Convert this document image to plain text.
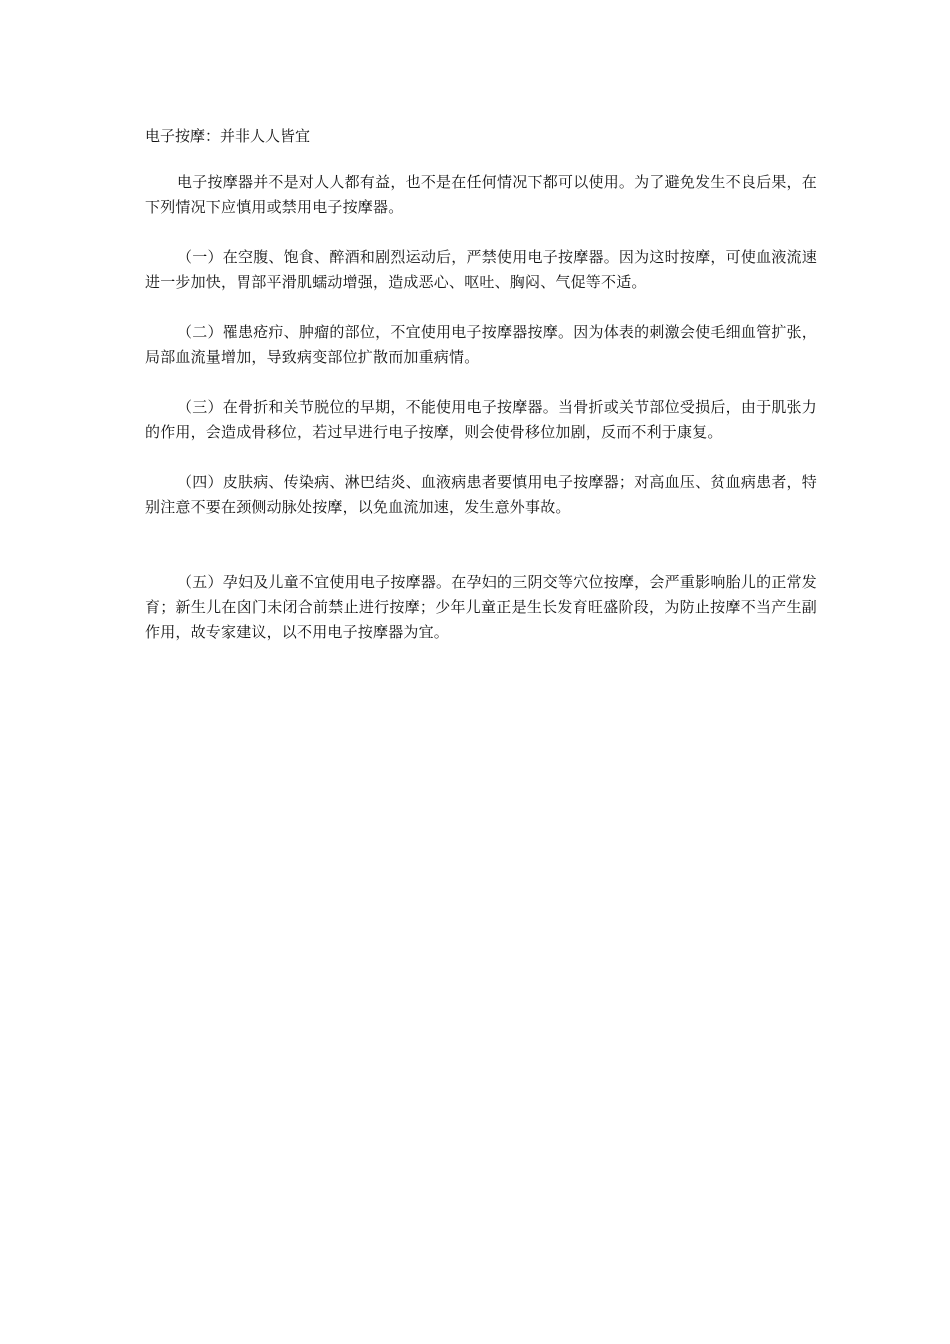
电子按摩：并非人人皆宜

电子按摩器并不是对人人都有益，也不是在任何情况下都可以使用。为了避免发生不良后果，在下列情况下应慎用或禁用电子按摩器。

（一）在空腹、饱食、醉酒和剧烈运动后，严禁使用电子按摩器。因为这时按摩，可使血液流速进一步加快，胃部平滑肌蠕动增强，造成恶心、呕吐、胸闷、气促等不适。

（二）罹患疮疖、肿瘤的部位，不宜使用电子按摩器按摩。因为体表的刺激会使毛细血管扩张，局部血流量增加，导致病变部位扩散而加重病情。

（三）在骨折和关节脱位的早期，不能使用电子按摩器。当骨折或关节部位受损后，由于肌张力的作用，会造成骨移位，若过早进行电子按摩，则会使骨移位加剧，反而不利于康复。

（四）皮肤病、传染病、淋巴结炎、血液病患者要慎用电子按摩器；对高血压、贫血病患者，特别注意不要在颈侧动脉处按摩，以免血流加速，发生意外事故。

（五）孕妇及儿童不宜使用电子按摩器。在孕妇的三阴交等穴位按摩，会严重影响胎儿的正常发育；新生儿在囟门未闭合前禁止进行按摩；少年儿童正是生长发育旺盛阶段，为防止按摩不当产生副作用，故专家建议，以不用电子按摩器为宜。
